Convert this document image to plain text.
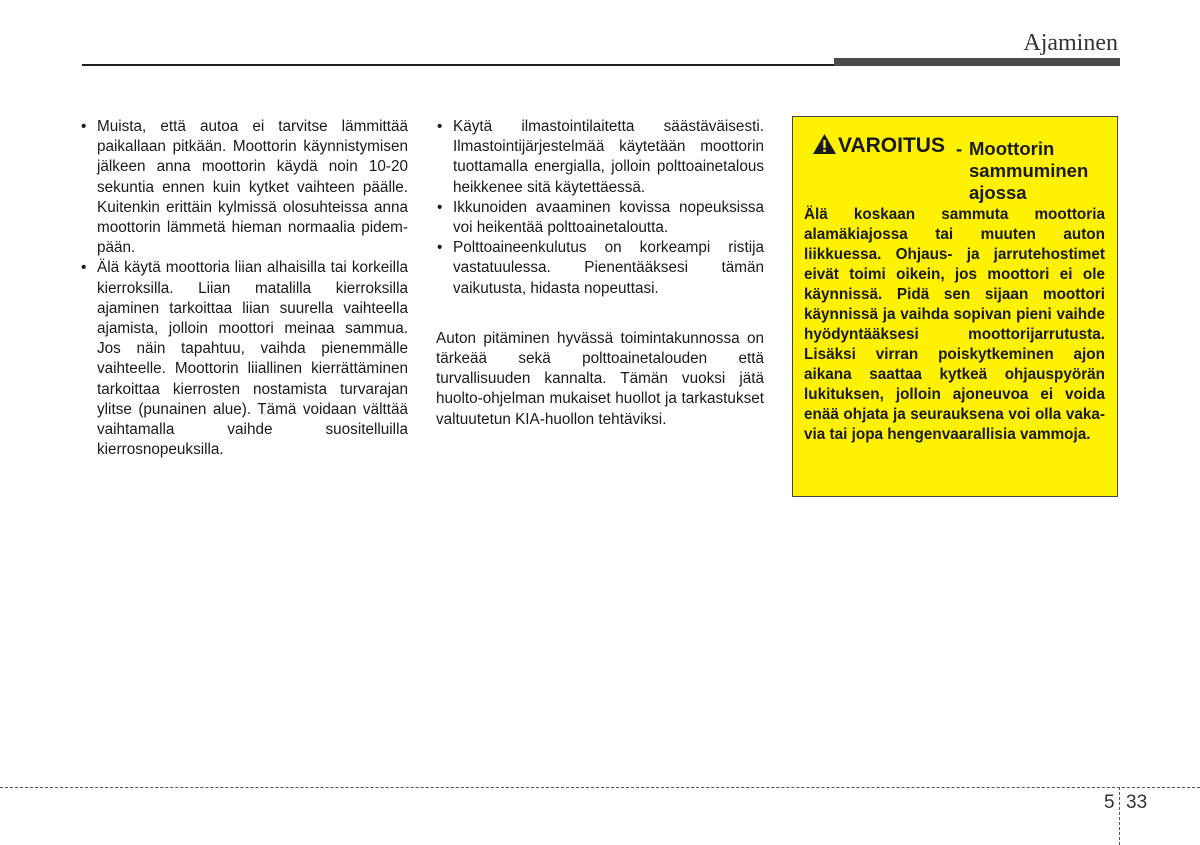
Ajaminen
• Muista, että autoa ei tarvitse lämmittää paikallaan pitkään. Moottorin käynnistymisen jälkeen anna moottorin käydä noin 10-20 sekuntia ennen kuin kytket vaihteen päälle. Kuitenkin erittäin kylmissä olosuhteissa anna moottorin lämmetä hieman normaalia pidempään.
• Älä käytä moottoria liian alhaisilla tai korkeilla kierroksilla. Liian matalilla kierroksilla ajaminen tarkoittaa liian suurella vaihteella ajamista, jolloin moottori meinaa sammua. Jos näin tapahtuu, vaihda pienemmälle vaihteelle. Moottorin liiallinen kierrättäminen tarkoittaa kierrosten nostamista turvarajan ylitse (punainen alue). Tämä voidaan välttää vaihtamalla vaihde suositelluilla kierrosnopeuksilla.
• Käytä ilmastointilaitetta säästäväisesti. Ilmastointijärjestelmää käytetään moottorin tuottamalla energialla, jolloin polttoainetalous heikkenee sitä käytettäessä.
• Ikkunoiden avaaminen kovissa nopeuksissa voi heikentää polttoainetaloutta.
• Polttoaineenkulutus on korkeampi ristija vastatuulessa. Pienentääksesi tämän vaikutusta, hidasta nopeuttasi.

Auton pitäminen hyvässä toimintakunnossa on tärkeää sekä polttoainetalouden että turvallisuuden kannalta. Tämän vuoksi jätä huolto-ohjelman mukaiset huollot ja tarkastukset valtuutetun KIA-huollon tehtäviksi.

VAROITUS - Moottorin sammuminen ajossa
Älä koskaan sammuta moottoria alamäkiajossa tai muuten auton liikkuessa. Ohjaus- ja jarrutehostimet eivät toimi oikein, jos moottori ei ole käynnissä. Pidä sen sijaan moottori käynnissä ja vaihda sopivan pieni vaihde hyödyntääksesi moottorijarrutusta. Lisäksi virran poiskytkeminen ajon aikana saattaa kytkeä ohjauspyörän lukituksen, jolloin ajoneuvoa ei voida enää ohjata ja seurauksena voi olla vakavia tai jopa hengenvaarallisia vammoja.
5 33
